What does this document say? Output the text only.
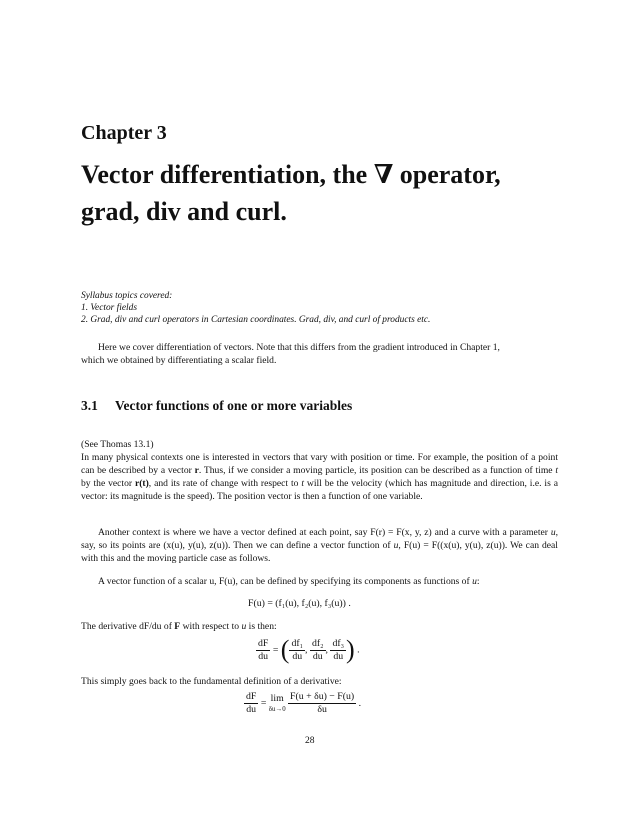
Chapter 3
Vector differentiation, the ∇ operator, grad, div and curl.
Syllabus topics covered:
1. Vector fields
2. Grad, div and curl operators in Cartesian coordinates. Grad, div, and curl of products etc.
Here we cover differentiation of vectors. Note that this differs from the gradient introduced in Chapter 1,
which we obtained by differentiating a scalar field.
3.1 Vector functions of one or more variables
(See Thomas 13.1)
In many physical contexts one is interested in vectors that vary with position or time. For example, the position of a point can be described by a vector r. Thus, if we consider a moving particle, its position can be described as a function of time t by the vector r(t), and its rate of change with respect to t will be the velocity (which has magnitude and direction, i.e. is a vector: its magnitude is the speed). The position vector is then a function of one variable.
Another context is where we have a vector defined at each point, say F(r) = F(x, y, z) and a curve with a parameter u, say, so its points are (x(u), y(u), z(u)). Then we can define a vector function of u, F(u) = F((x(u), y(u), z(u)). We can deal with this and the moving particle case as follows.
A vector function of a scalar u, F(u), can be defined by specifying its components as functions of u:
F(u) = (f₁(u), f₂(u), f₃(u)) .
The derivative dF/du of F with respect to u is then:
$\frac{dF}{du}$ = ( $\frac{\text{df₁}}{du}$ , $\frac{\text{df₂}}{du}$ , $\frac{\text{df₃}}{du}$ ) .
This simply goes back to the fundamental definition of a derivative:
$\frac{dF}{du} = \lim$
δu→0
$\frac{F(u + \delta u) - F(u)}{\delta u}$ .
28
